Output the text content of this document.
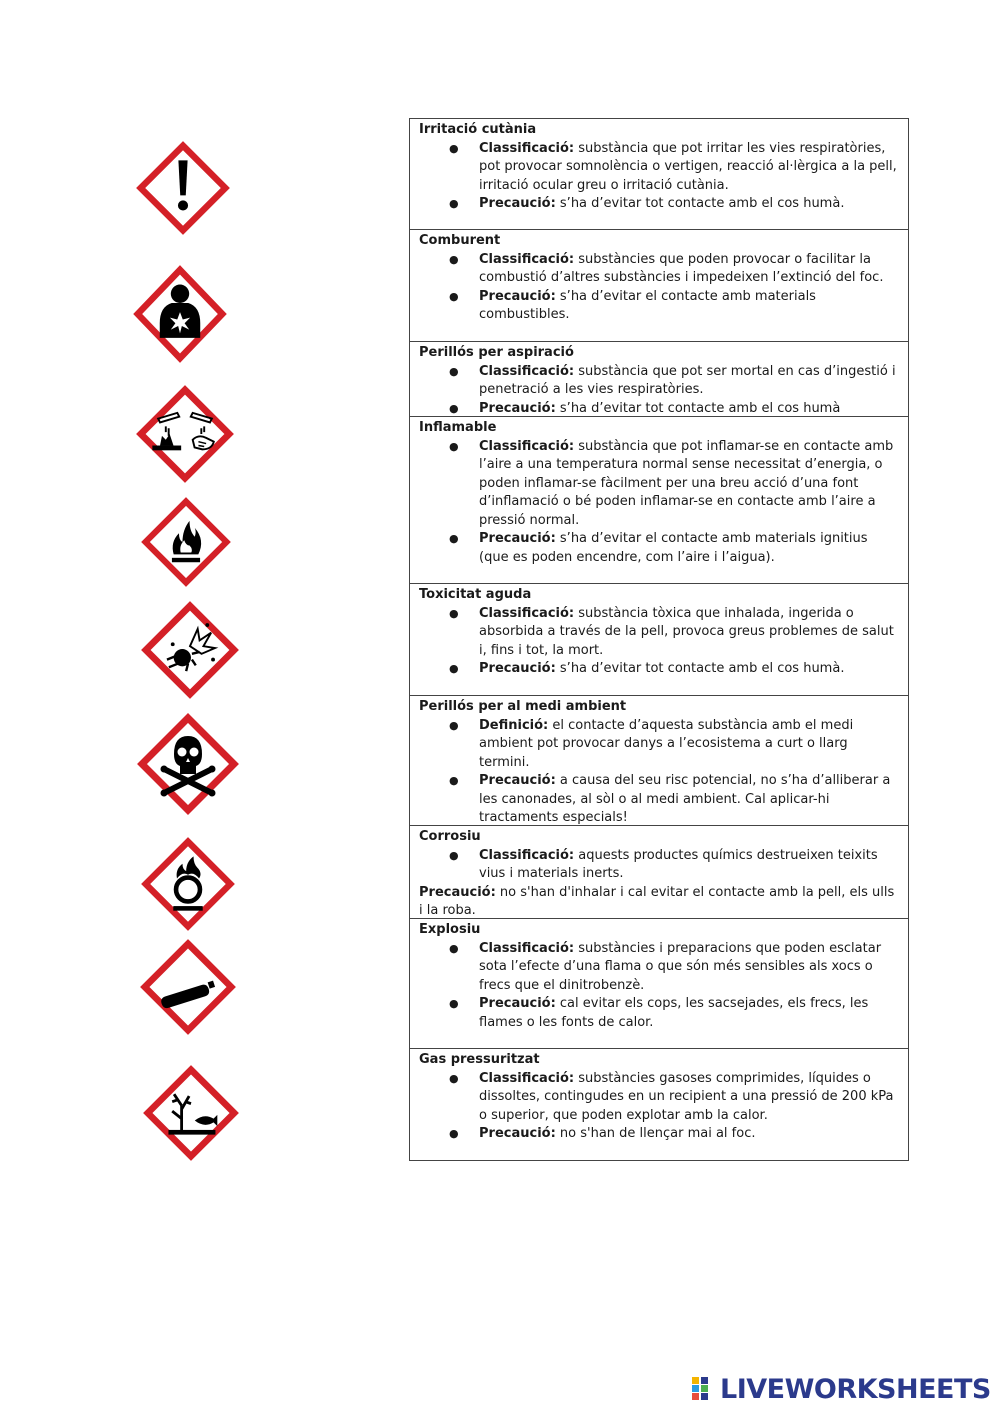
Irritació cutània
● Classificació: substància que pot irritar les vies respiratòries, pot provocar somnolència o vertigen, reacció al·lèrgica a la pell, irritació ocular greu o irritació cutània.
● Precaució: s’ha d’evitar tot contacte amb el cos humà.
Comburent
● Classificació: substàncies que poden provocar o facilitar la combustió d’altres substàncies i impedeixen l’extinció del foc.
● Precaució: s’ha d’evitar el contacte amb materials combustibles.
Perillós per aspiració
● Classificació: substància que pot ser mortal en cas d’ingestió i penetració a les vies respiratòries.
● Precaució: s’ha d’evitar tot contacte amb el cos humà
Inflamable
● Classificació: substància que pot inflamar-se en contacte amb l’aire a una temperatura normal sense necessitat d’energia, o poden inflamar-se fàcilment per una breu acció d’una font d’inflamació o bé poden inflamar-se en contacte amb l’aire a pressió normal.
● Precaució: s’ha d’evitar el contacte amb materials ignitius (que es poden encendre, com l’aire i l’aigua).
Toxicitat aguda
● Classificació: substància tòxica que inhalada, ingerida o absorbida a través de la pell, provoca greus problemes de salut i, fins i tot, la mort.
● Precaució: s’ha d’evitar tot contacte amb el cos humà.
Perillós per al medi ambient
● Definició: el contacte d’aquesta substància amb el medi ambient pot provocar danys a l’ecosistema a curt o llarg termini.
● Precaució: a causa del seu risc potencial, no s’ha d’alliberar a les canonades, al sòl o al medi ambient. Cal aplicar-hi tractaments especials!
Corrosiu
● Classificació: aquests productes químics destrueixen teixits vius i materials inerts.

Precaució: no s'han d'inhalar i cal evitar el contacte amb la pell, els ulls i la roba.

Explosiu
● Classificació: substàncies i preparacions que poden esclatar sota l’efecte d’una flama o que són més sensibles als xocs o frecs que el dinitrobenzè.
● Precaució: cal evitar els cops, les sacsejades, els frecs, les flames o les fonts de calor.
Gas pressuritzat
● Classificació: substàncies gasoses comprimides, líquides o dissoltes, contingudes en un recipient a una pressió de 200 kPa o superior, que poden explotar amb la calor.
● Precaució: no s'han de llençar mai al foc.
LIVEWORKSHEETS
